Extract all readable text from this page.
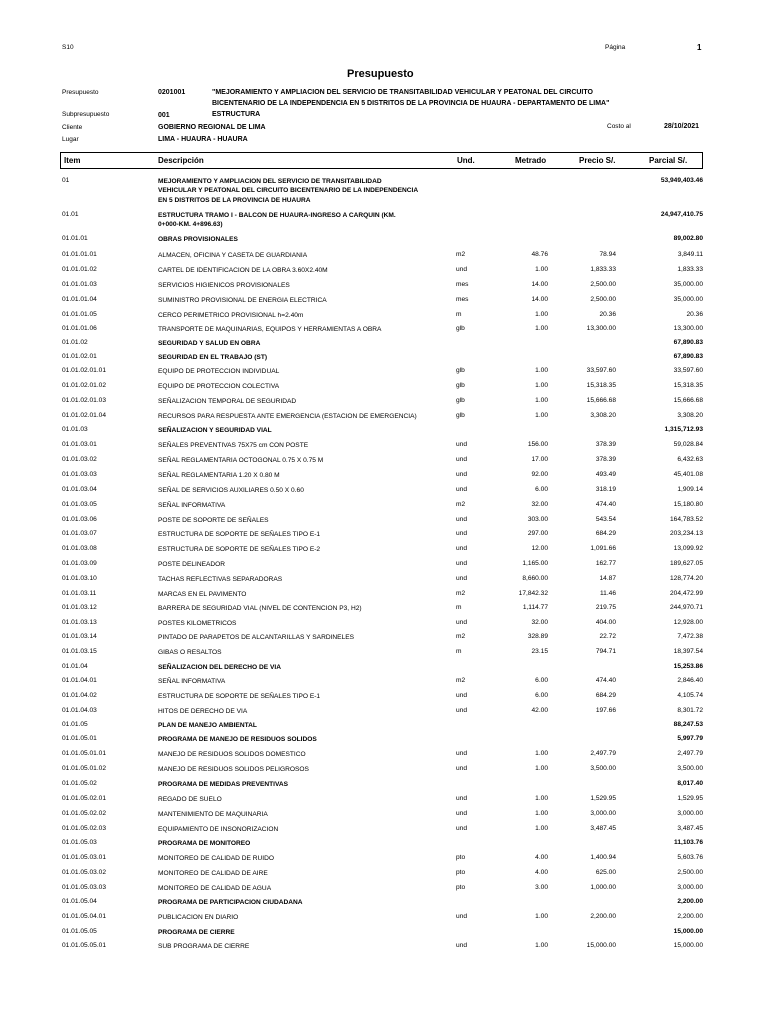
S10	Página	1
Presupuesto
Presupuesto	0201001	"MEJORAMIENTO Y AMPLIACION DEL SERVICIO DE TRANSITABILIDAD VEHICULAR Y PEATONAL DEL CIRCUITO
BICENTENARIO DE LA INDEPENDENCIA EN 5 DISTRITOS DE LA PROVINCIA DE HUAURA - DEPARTAMENTO DE LIMA"
Subpresupuesto	001	ESTRUCTURA
Cliente	GOBIERNO REGIONAL DE LIMA	Costo al	28/10/2021
Lugar	LIMA - HUAURA - HUAURA
Item	Descripción	Und.	Metrado	Precio S/.	Parcial S/.
01	MEJORAMIENTO Y AMPLIACION DEL SERVICIO DE TRANSITABILIDAD	53,949,403.46
VEHICULAR Y PEATONAL DEL CIRCUITO BICENTENARIO DE LA INDEPENDENCIA
EN 5 DISTRITOS DE LA PROVINCIA DE HUAURA
01.01	ESTRUCTURA TRAMO I - BALCON DE HUAURA-INGRESO A CARQUIN (KM.	24,947,410.75
0+000-KM. 4+896.63)
01.01.01	OBRAS PROVISIONALES	89,002.80
01.01.01.01	ALMACEN, OFICINA Y CASETA DE GUARDIANIA	m2	48.76	78.94	3,849.11
01.01.01.02	CARTEL DE IDENTIFICACION DE LA OBRA 3.60X2.40M	und	1.00	1,833.33	1,833.33
01.01.01.03	SERVICIOS HIGIENICOS PROVISIONALES	mes	14.00	2,500.00	35,000.00
01.01.01.04	SUMINISTRO PROVISIONAL DE ENERGIA ELECTRICA	mes	14.00	2,500.00	35,000.00
01.01.01.05	CERCO PERIMETRICO PROVISIONAL h=2.40m	m	1.00	20.36	20.36
01.01.01.06	TRANSPORTE DE MAQUINARIAS, EQUIPOS Y HERRAMIENTAS A OBRA	glb	1.00	13,300.00	13,300.00
01.01.02	SEGURIDAD Y SALUD EN OBRA	67,890.83
01.01.02.01	SEGURIDAD EN EL TRABAJO (ST)	67,890.83
01.01.02.01.01	EQUIPO DE PROTECCION INDIVIDUAL	glb	1.00	33,597.60	33,597.60
01.01.02.01.02	EQUIPO DE PROTECCION COLECTIVA	glb	1.00	15,318.35	15,318.35
01.01.02.01.03	SEÑALIZACION TEMPORAL DE SEGURIDAD	glb	1.00	15,666.68	15,666.68
01.01.02.01.04	RECURSOS PARA RESPUESTA ANTE EMERGENCIA (ESTACION DE EMERGENCIA)	glb	1.00	3,308.20	3,308.20
01.01.03	SEÑALIZACION Y SEGURIDAD VIAL	1,315,712.93
01.01.03.01	SEÑALES PREVENTIVAS 75X75 cm CON POSTE	und	156.00	378.39	59,028.84
01.01.03.02	SEÑAL REGLAMENTARIA OCTOGONAL 0.75 X 0.75 M	und	17.00	378.39	6,432.63
01.01.03.03	SEÑAL REGLAMENTARIA 1.20 X 0.80 M	und	92.00	493.49	45,401.08
01.01.03.04	SEÑAL DE SERVICIOS AUXILIARES 0.50 X 0.60	und	6.00	318.19	1,909.14
01.01.03.05	SEÑAL INFORMATIVA	m2	32.00	474.40	15,180.80
01.01.03.06	POSTE DE SOPORTE DE SEÑALES	und	303.00	543.54	164,783.52
01.01.03.07	ESTRUCTURA DE SOPORTE DE SEÑALES TIPO E-1	und	297.00	684.29	203,234.13
01.01.03.08	ESTRUCTURA DE SOPORTE DE SEÑALES TIPO E-2	und	12.00	1,091.66	13,099.92
01.01.03.09	POSTE DELINEADOR	und	1,165.00	162.77	189,627.05
01.01.03.10	TACHAS REFLECTIVAS SEPARADORAS	und	8,660.00	14.87	128,774.20
01.01.03.11	MARCAS EN EL PAVIMENTO	m2	17,842.32	11.46	204,472.99
01.01.03.12	BARRERA DE SEGURIDAD VIAL (NIVEL DE CONTENCION P3, H2)	m	1,114.77	219.75	244,970.71
01.01.03.13	POSTES KILOMETRICOS	und	32.00	404.00	12,928.00
01.01.03.14	PINTADO DE PARAPETOS DE ALCANTARILLAS Y SARDINELES	m2	328.89	22.72	7,472.38
01.01.03.15	GIBAS O RESALTOS	m	23.15	794.71	18,397.54
01.01.04	SEÑALIZACION DEL DERECHO DE VIA	15,253.86
01.01.04.01	SEÑAL INFORMATIVA	m2	6.00	474.40	2,846.40
01.01.04.02	ESTRUCTURA DE SOPORTE DE SEÑALES TIPO E-1	und	6.00	684.29	4,105.74
01.01.04.03	HITOS DE DERECHO DE VIA	und	42.00	197.66	8,301.72
01.01.05	PLAN DE MANEJO AMBIENTAL	88,247.53
01.01.05.01	PROGRAMA DE MANEJO DE RESIDUOS SOLIDOS	5,997.79
01.01.05.01.01	MANEJO DE RESIDUOS SOLIDOS DOMESTICO	und	1.00	2,497.79	2,497.79
01.01.05.01.02	MANEJO DE RESIDUOS SOLIDOS PELIGROSOS	und	1.00	3,500.00	3,500.00
01.01.05.02	PROGRAMA DE MEDIDAS PREVENTIVAS	8,017.40
01.01.05.02.01	REGADO DE SUELO	und	1.00	1,529.95	1,529.95
01.01.05.02.02	MANTENIMIENTO DE MAQUINARIA	und	1.00	3,000.00	3,000.00
01.01.05.02.03	EQUIPAMIENTO DE INSONORIZACION	und	1.00	3,487.45	3,487.45
01.01.05.03	PROGRAMA DE MONITOREO	11,103.76
01.01.05.03.01	MONITOREO DE CALIDAD DE RUIDO	pto	4.00	1,400.94	5,603.76
01.01.05.03.02	MONITOREO DE CALIDAD DE AIRE	pto	4.00	625.00	2,500.00
01.01.05.03.03	MONITOREO DE CALIDAD DE AGUA	pto	3.00	1,000.00	3,000.00
01.01.05.04	PROGRAMA DE PARTICIPACION CIUDADANA	2,200.00
01.01.05.04.01	PUBLICACION EN DIARIO	und	1.00	2,200.00	2,200.00
01.01.05.05	PROGRAMA DE CIERRE	15,000.00
01.01.05.05.01	SUB PROGRAMA DE CIERRE	und	1.00	15,000.00	15,000.00
